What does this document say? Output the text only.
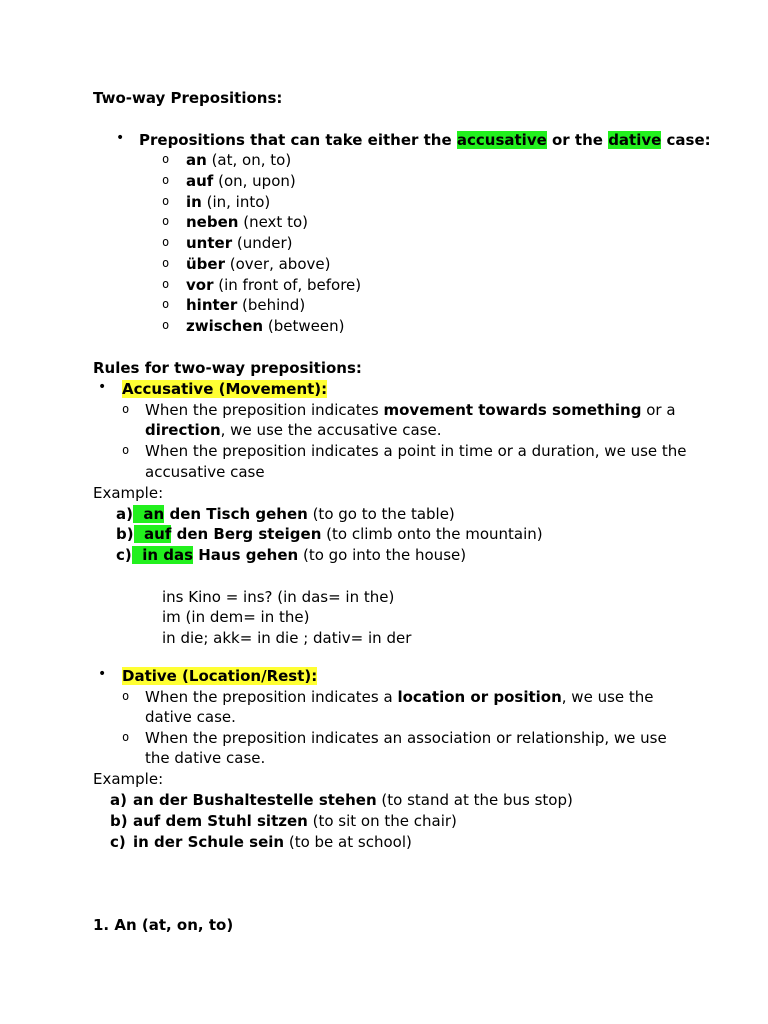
Two-way Prepositions:
• Prepositions that can take either the accusative or the dative case:
o an (at, on, to)
o auf (on, upon)
o in (in, into)
o neben (next to)
o unter (under)
o über (over, above)
o vor (in front of, before)
o hinter (behind)
o zwischen (between)
Rules for two-way prepositions:
• Accusative (Movement):
o When the preposition indicates movement towards something or a
direction, we use the accusative case.
o When the preposition indicates a point in time or a duration, we use the
accusative case
Example:
a)  an den Tisch gehen (to go to the table)
b)  auf den Berg steigen (to climb onto the mountain)
c)  in das Haus gehen (to go into the house)
ins Kino = ins? (in das= in the)
im (in dem= in the)
in die; akk= in die ; dativ= in der
• Dative (Location/Rest):
o When the preposition indicates a location or position, we use the
dative case.
o When the preposition indicates an association or relationship, we use
the dative case.
Example:
a) an der Bushaltestelle stehen (to stand at the bus stop)
b) auf dem Stuhl sitzen (to sit on the chair)
c) in der Schule sein (to be at school)
1. An (at, on, to)
